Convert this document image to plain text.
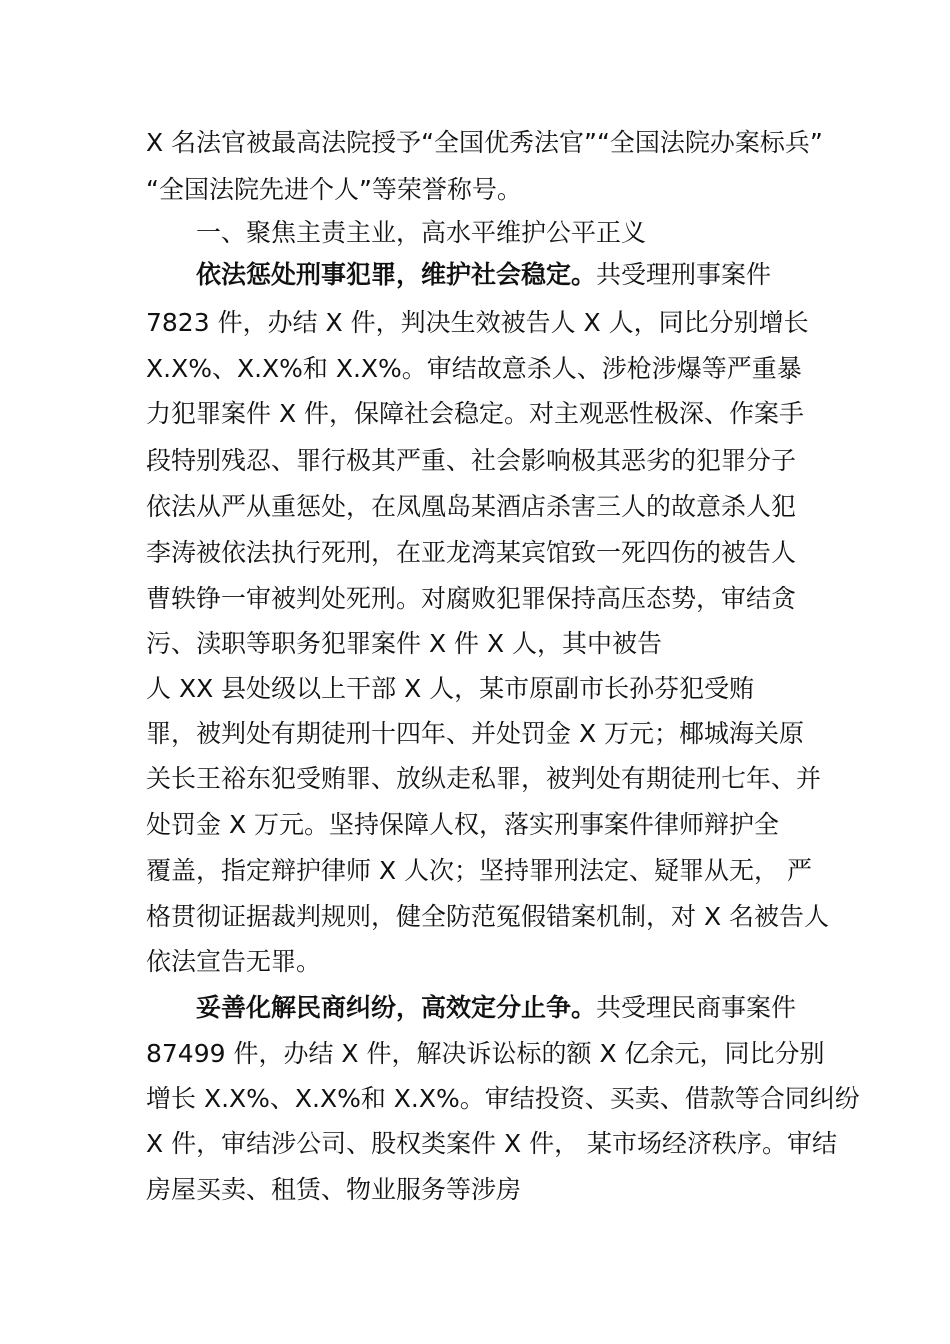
X 名法官被最高法院授予“全国优秀法官”“全国法院办案标兵”

“全国法院先进个人”等荣誉称号。

一、聚焦主责主业，高水平维护公平正义

依法惩处刑事犯罪，维护社会稳定。共受理刑事案件

7823 件，办结 X 件，判决生效被告人 X 人，同比分别增长

X.X%、X.X%和 X.X%。审结故意杀人、涉枪涉爆等严重暴

力犯罪案件 X 件，保障社会稳定。对主观恶性极深、作案手

段特别残忍、罪行极其严重、社会影响极其恶劣的犯罪分子

依法从严从重惩处，在凤凰岛某酒店杀害三人的故意杀人犯

李涛被依法执行死刑，在亚龙湾某宾馆致一死四伤的被告人

曹轶铮一审被判处死刑。对腐败犯罪保持高压态势，审结贪

污、渎职等职务犯罪案件 X 件 X 人，其中被告

人 XX 县处级以上干部 X 人，某市原副市长孙芬犯受贿

罪，被判处有期徒刑十四年、并处罚金 X 万元；椰城海关原

关长王裕东犯受贿罪、放纵走私罪，被判处有期徒刑七年、并

处罚金 X 万元。坚持保障人权，落实刑事案件律师辩护全

覆盖，指定辩护律师 X 人次；坚持罪刑法定、疑罪从无， 严

格贯彻证据裁判规则，健全防范冤假错案机制，对 X 名被告人

依法宣告无罪。

妥善化解民商纠纷，高效定分止争。共受理民商事案件

87499 件，办结 X 件，解决诉讼标的额 X 亿余元，同比分别

增长 X.X%、X.X%和 X.X%。审结投资、买卖、借款等合同纠纷

X 件，审结涉公司、股权类案件 X 件， 某市场经济秩序。审结

房屋买卖、租赁、物业服务等涉房
